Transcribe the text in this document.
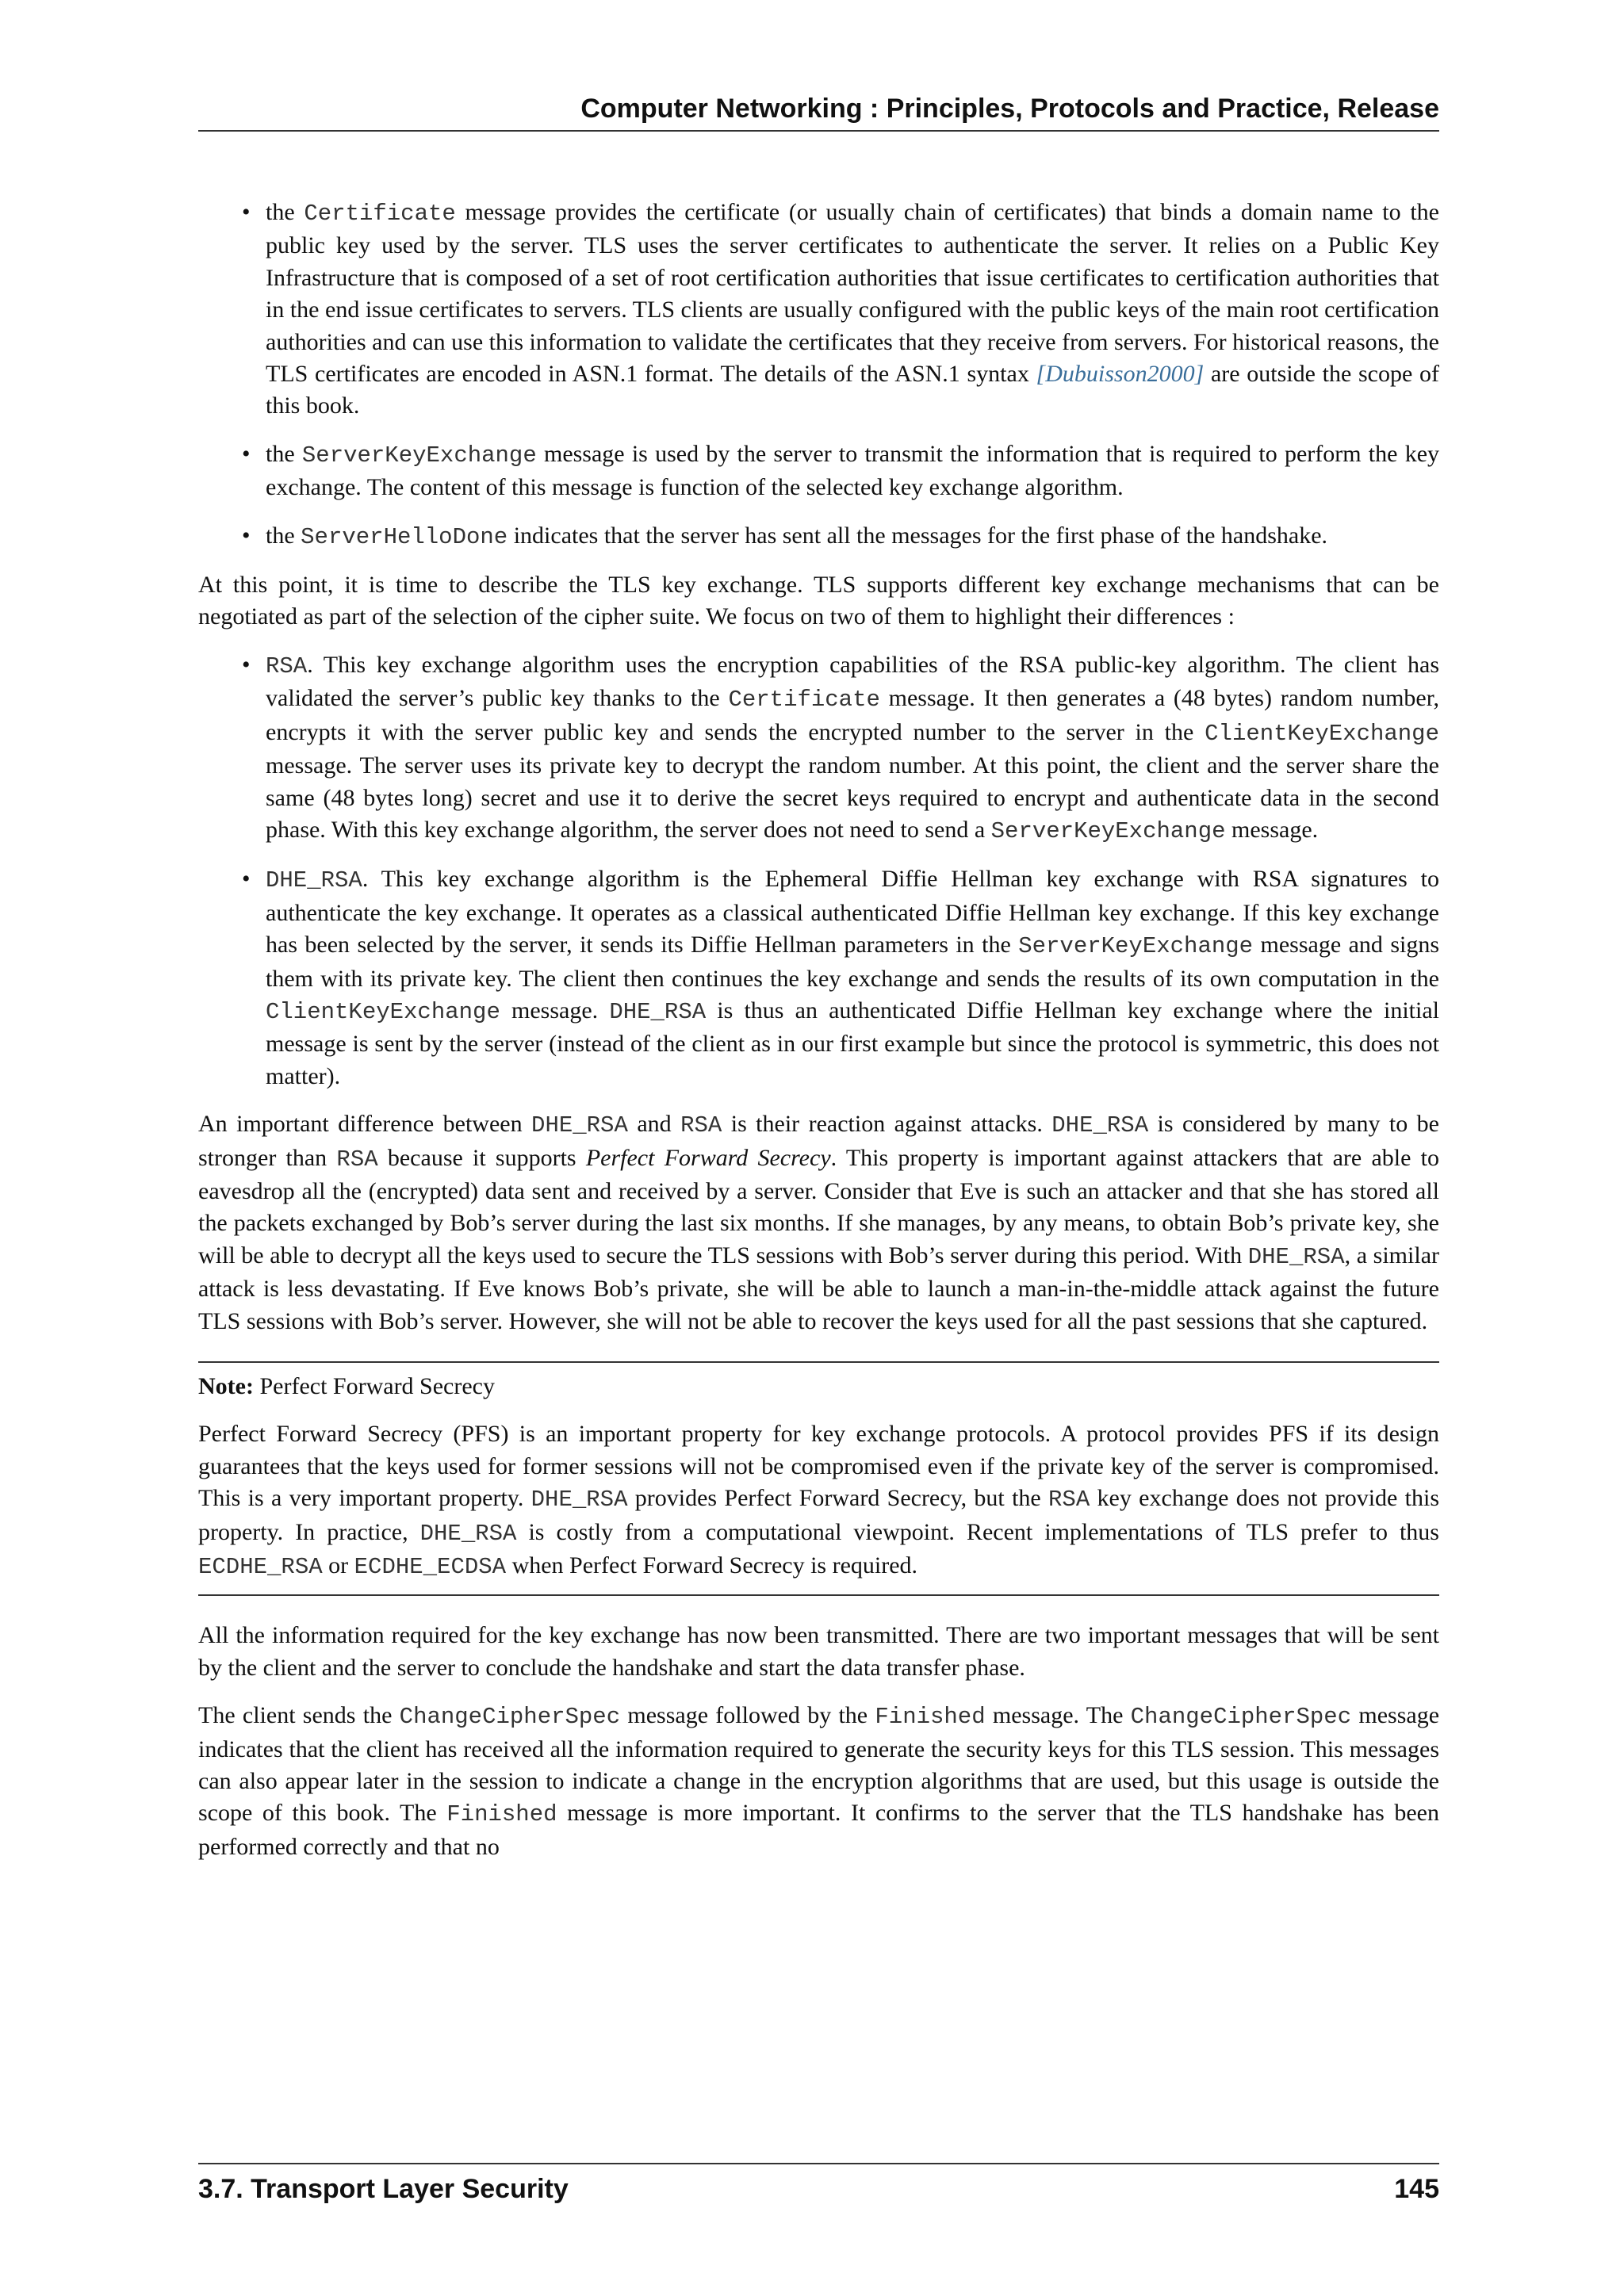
Computer Networking : Principles, Protocols and Practice, Release
• the Certificate message provides the certificate (or usually chain of certificates) that binds a domain name to the public key used by the server. TLS uses the server certificates to authenticate the server. It relies on a Public Key Infrastructure that is composed of a set of root certification authorities that issue certificates to certification authorities that in the end issue certificates to servers. TLS clients are usually configured with the public keys of the main root certification authorities and can use this information to validate the certificates that they receive from servers. For historical reasons, the TLS certificates are encoded in ASN.1 format. The details of the ASN.1 syntax [Dubuisson2000] are outside the scope of this book.
• the ServerKeyExchange message is used by the server to transmit the information that is required to perform the key exchange. The content of this message is function of the selected key exchange algorithm.
• the ServerHelloDone indicates that the server has sent all the messages for the first phase of the handshake.

At this point, it is time to describe the TLS key exchange. TLS supports different key exchange mechanisms that can be negotiated as part of the selection of the cipher suite. We focus on two of them to highlight their differences :

• RSA. This key exchange algorithm uses the encryption capabilities of the RSA public-key algorithm. The client has validated the server’s public key thanks to the Certificate message. It then generates a (48 bytes) random number, encrypts it with the server public key and sends the encrypted number to the server in the ClientKeyExchange message. The server uses its private key to decrypt the random number. At this point, the client and the server share the same (48 bytes long) secret and use it to derive the secret keys required to encrypt and authenticate data in the second phase. With this key exchange algorithm, the server does not need to send a ServerKeyExchange message.
• DHE_RSA. This key exchange algorithm is the Ephemeral Diffie Hellman key exchange with RSA signatures to authenticate the key exchange. It operates as a classical authenticated Diffie Hellman key exchange. If this key exchange has been selected by the server, it sends its Diffie Hellman parameters in the ServerKeyExchange message and signs them with its private key. The client then continues the key exchange and sends the results of its own computation in the ClientKeyExchange message. DHE_RSA is thus an authenticated Diffie Hellman key exchange where the initial message is sent by the server (instead of the client as in our first example but since the protocol is symmetric, this does not matter).

An important difference between DHE_RSA and RSA is their reaction against attacks. DHE_RSA is considered by many to be stronger than RSA because it supports Perfect Forward Secrecy. This property is important against attackers that are able to eavesdrop all the (encrypted) data sent and received by a server. Consider that Eve is such an attacker and that she has stored all the packets exchanged by Bob’s server during the last six months. If she manages, by any means, to obtain Bob’s private key, she will be able to decrypt all the keys used to secure the TLS sessions with Bob’s server during this period. With DHE_RSA, a similar attack is less devastating. If Eve knows Bob’s private, she will be able to launch a man-in-the-middle attack against the future TLS sessions with Bob’s server. However, she will not be able to recover the keys used for all the past sessions that she captured.

Note: Perfect Forward Secrecy

Perfect Forward Secrecy (PFS) is an important property for key exchange protocols. A protocol provides PFS if its design guarantees that the keys used for former sessions will not be compromised even if the private key of the server is compromised. This is a very important property. DHE_RSA provides Perfect Forward Secrecy, but the RSA key exchange does not provide this property. In practice, DHE_RSA is costly from a computational viewpoint. Recent implementations of TLS prefer to thus ECDHE_RSA or ECDHE_ECDSA when Perfect Forward Secrecy is required.

All the information required for the key exchange has now been transmitted. There are two important messages that will be sent by the client and the server to conclude the handshake and start the data transfer phase.

The client sends the ChangeCipherSpec message followed by the Finished message. The ChangeCipherSpec message indicates that the client has received all the information required to generate the security keys for this TLS session. This messages can also appear later in the session to indicate a change in the encryption algorithms that are used, but this usage is outside the scope of this book. The Finished message is more important. It confirms to the server that the TLS handshake has been performed correctly and that no

3.7. Transport Layer Security	145
